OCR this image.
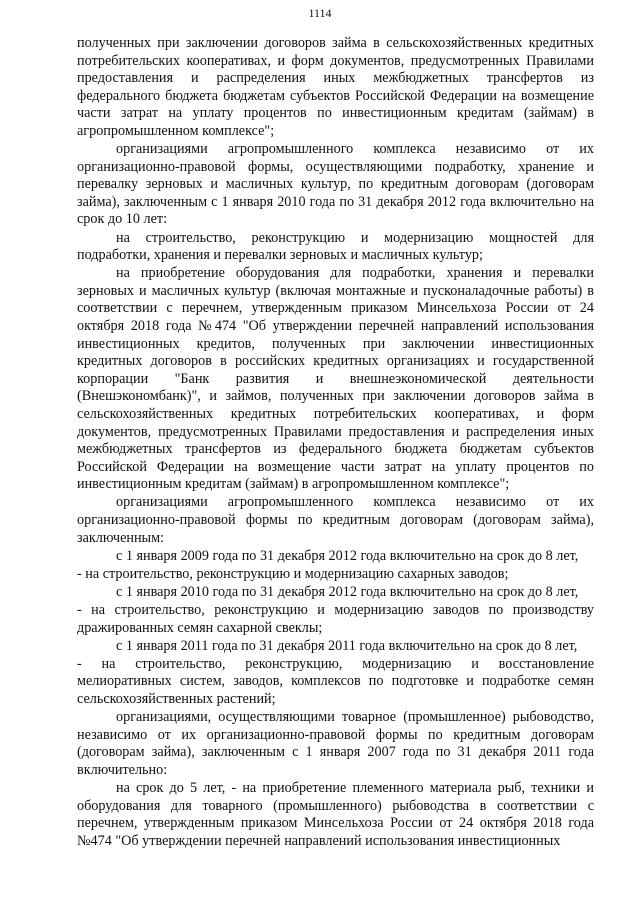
1114

полученных при заключении договоров займа в сельскохозяйственных кредитных потребительских кооперативах, и форм документов, предусмотренных Правилами предоставления и распределения иных межбюджетных трансфертов из федерального бюджета бюджетам субъектов Российской Федерации на возмещение части затрат на уплату процентов по инвестиционным кредитам (займам) в агропромышленном комплексе";

организациями агропромышленного комплекса независимо от их организационно-правовой формы, осуществляющими подработку, хранение и перевалку зерновых и масличных культур, по кредитным договорам (договорам займа), заключенным с 1 января 2010 года по 31 декабря 2012 года включительно на срок до 10 лет:

на строительство, реконструкцию и модернизацию мощностей для подработки, хранения и перевалки зерновых и масличных культур;

на приобретение оборудования для подработки, хранения и перевалки зерновых и масличных культур (включая монтажные и пусконаладочные работы) в соответствии с перечнем, утвержденным приказом Минсельхоза России от 24 октября 2018 года №474 "Об утверждении перечней направлений использования инвестиционных кредитов, полученных при заключении инвестиционных кредитных договоров в российских кредитных организациях и государственной корпорации "Банк развития и внешнеэкономической деятельности (Внешэкономбанк)", и займов, полученных при заключении договоров займа в сельскохозяйственных кредитных потребительских кооперативах, и форм документов, предусмотренных Правилами предоставления и распределения иных межбюджетных трансфертов из федерального бюджета бюджетам субъектов Российской Федерации на возмещение части затрат на уплату процентов по инвестиционным кредитам (займам) в агропромышленном комплексе";

организациями агропромышленного комплекса независимо от их организационно-правовой формы по кредитным договорам (договорам займа), заключенным:

с 1 января 2009 года по 31 декабря 2012 года включительно на срок до 8 лет,

- на строительство, реконструкцию и модернизацию сахарных заводов;

с 1 января 2010 года по 31 декабря 2012 года включительно на срок до 8 лет,

- на строительство, реконструкцию и модернизацию заводов по производству дражированных семян сахарной свеклы;

с 1 января 2011 года по 31 декабря 2011 года включительно на срок до 8 лет,

- на строительство, реконструкцию, модернизацию и восстановление мелиоративных систем, заводов, комплексов по подготовке и подработке семян сельскохозяйственных растений;

организациями, осуществляющими товарное (промышленное) рыбоводство, независимо от их организационно-правовой формы по кредитным договорам (договорам займа), заключенным с 1 января 2007 года по 31 декабря 2011 года включительно:

на срок до 5 лет, - на приобретение племенного материала рыб, техники и оборудования для товарного (промышленного) рыбоводства в соответствии с перечнем, утвержденным приказом Минсельхоза России от 24 октября 2018 года №474 "Об утверждении перечней направлений использования инвестиционных
